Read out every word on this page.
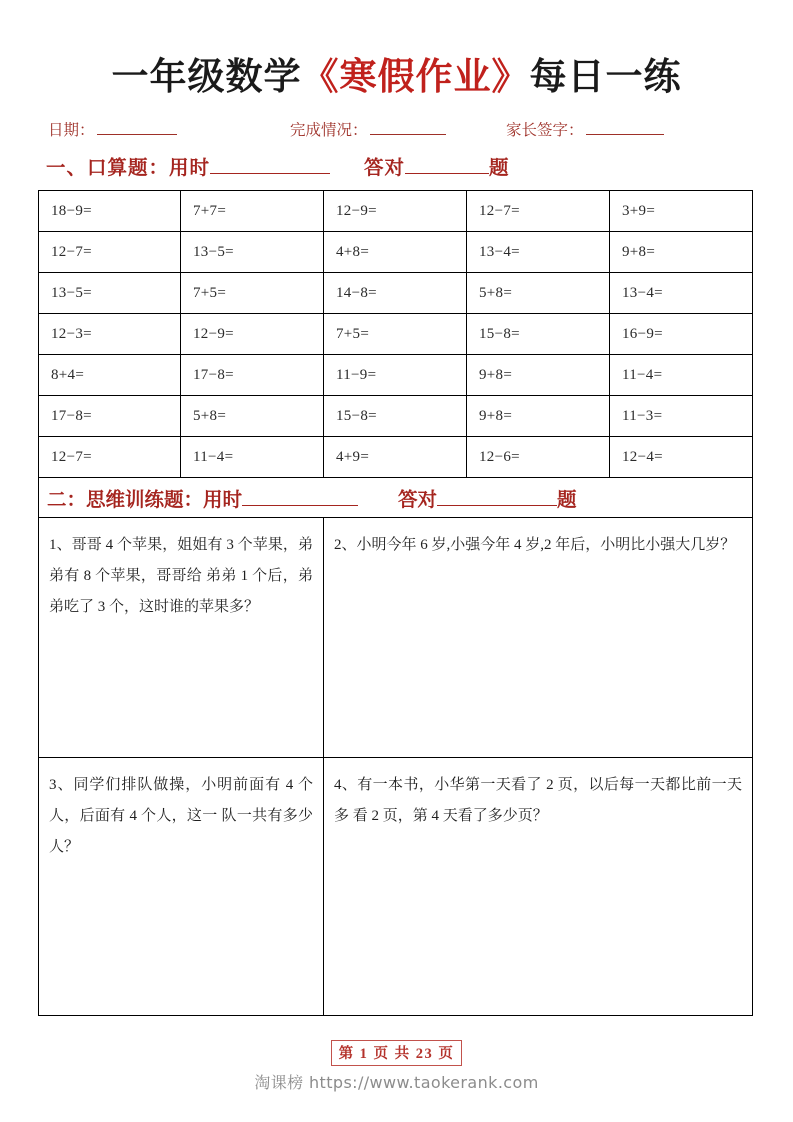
一年级数学《寒假作业》每日一练
日期：	完成情况：	家长签字：
一、口算题：用时	答对	题
18−9=	7+7=	12−9=	12−7=	3+9=
12−7=	13−5=	4+8=	13−4=	9+8=
13−5=	7+5=	14−8=	5+8=	13−4=
12−3=	12−9=	7+5=	15−8=	16−9=
8+4=	17−8=	11−9=	9+8=	11−4=
17−8=	5+8=	15−8=	9+8=	11−3=
12−7=	11−4=	4+9=	12−6=	12−4=
二：思维训练题：用时 答对 题				
1、哥哥 4 个苹果，姐姐有 3 个苹果，弟弟有 8 个苹果，哥哥给 弟弟 1 个后，弟弟吃了 3 个，这时谁的苹果多？		2、小明今年 6 岁,小强今年 4 岁,2 年后，小明比小强大几岁？		
3、同学们排队做操，小明前面有 4 个人，后面有 4 个人，这一 队一共有多少人？		4、有一本书，小华第一天看了 2 页，以后每一天都比前一天多 看 2 页，第 4 天看了多少页？		
第 1 页 共 23 页
淘课榜 https://www.taokerank.com
